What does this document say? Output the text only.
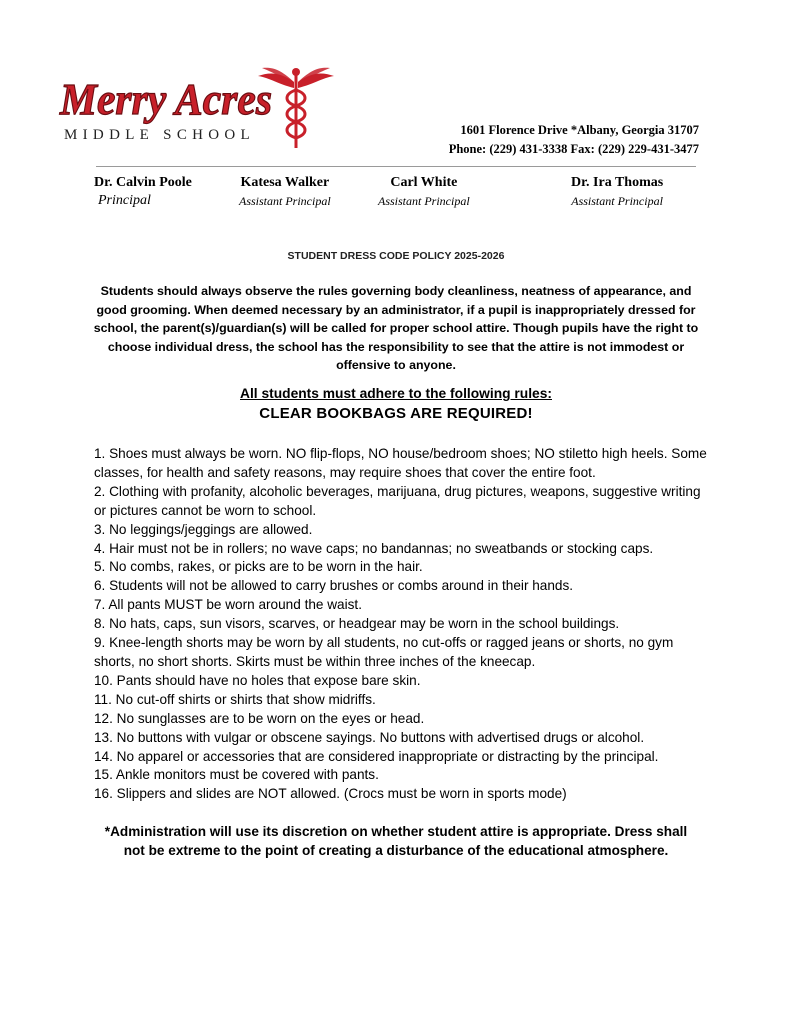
Merry Acres
MIDDLE SCHOOL	1601 Florence Drive *Albany, Georgia 31707
Phone: (229) 431-3338 Fax: (229) 229-431-3477
Dr. Calvin Poole
Principal
Katesa Walker
Assistant Principal
Carl White
Assistant Principal
Dr. Ira Thomas
Assistant Principal
STUDENT DRESS CODE POLICY 2025-2026
Students should always observe the rules governing body cleanliness, neatness of appearance, and good grooming. When deemed necessary by an administrator, if a pupil is inappropriately dressed for school, the parent(s)/guardian(s) will be called for proper school attire. Though pupils have the right to choose individual dress, the school has the responsibility to see that the attire is not immodest or offensive to anyone.
All students must adhere to the following rules:
CLEAR BOOKBAGS ARE REQUIRED!
1. Shoes must always be worn. NO flip-flops, NO house/bedroom shoes; NO stiletto high heels. Some classes, for health and safety reasons, may require shoes that cover the entire foot.
2. Clothing with profanity, alcoholic beverages, marijuana, drug pictures, weapons, suggestive writing or pictures cannot be worn to school.
3. No leggings/jeggings are allowed.
4. Hair must not be in rollers; no wave caps; no bandannas; no sweatbands or stocking caps.
5. No combs, rakes, or picks are to be worn in the hair.
6. Students will not be allowed to carry brushes or combs around in their hands.
7. All pants MUST be worn around the waist.
8. No hats, caps, sun visors, scarves, or headgear may be worn in the school buildings.
9. Knee-length shorts may be worn by all students, no cut-offs or ragged jeans or shorts, no gym shorts, no short shorts. Skirts must be within three inches of the kneecap.
10. Pants should have no holes that expose bare skin.
11. No cut-off shirts or shirts that show midriffs.
12. No sunglasses are to be worn on the eyes or head.
13. No buttons with vulgar or obscene sayings. No buttons with advertised drugs or alcohol.
14. No apparel or accessories that are considered inappropriate or distracting by the principal.
15. Ankle monitors must be covered with pants.
16. Slippers and slides are NOT allowed. (Crocs must be worn in sports mode)
*Administration will use its discretion on whether student attire is appropriate. Dress shall not be extreme to the point of creating a disturbance of the educational atmosphere.
